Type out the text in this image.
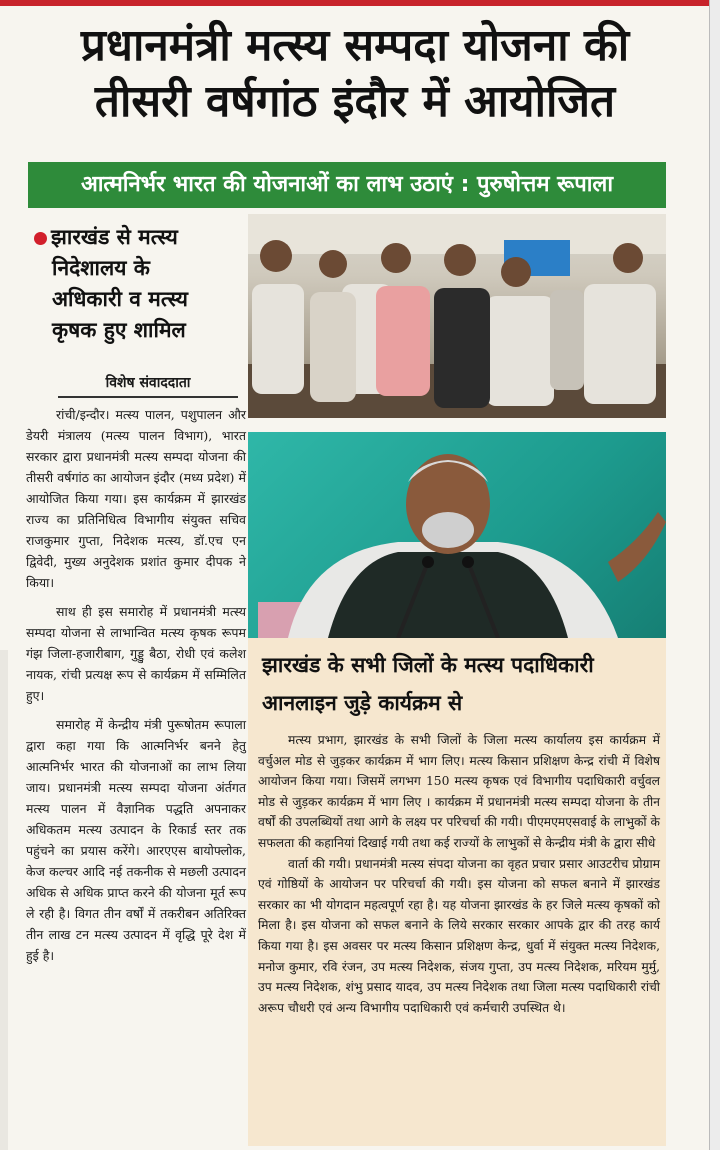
प्रधानमंत्री मत्स्य सम्पदा योजना की
तीसरी वर्षगांठ इंदौर में आयोजित
आत्मनिर्भर भारत की योजनाओं का लाभ उठाएं : पुरुषोत्तम रूपाला
झारखंड से मत्स्य
निदेशालय के
अधिकारी व मत्स्य
कृषक हुए शामिल
विशेष संवाददाता

रांची/इन्दौर। मत्स्य पालन, पशुपालन और डेयरी मंत्रालय (मत्स्य पालन विभाग), भारत सरकार द्वारा प्रधानमंत्री मत्स्य सम्पदा योजना की तीसरी वर्षगांठ का आयोजन इंदौर (मध्य प्रदेश) में आयोजित किया गया। इस कार्यक्रम में झारखंड राज्य का प्रतिनिधित्व विभागीय संयुक्त सचिव राजकुमार गुप्ता, निदेशक मत्स्य, डॉ.एच एन द्विवेदी, मुख्य अनुदेशक प्रशांत कुमार दीपक ने किया।

साथ ही इस समारोह में प्रधानमंत्री मत्स्य सम्पदा योजना से लाभान्वित मत्स्य कृषक रूपम गंझ जिला-हजारीबाग, गुड्डु बैठा, रोधी एवं कलेश नायक, रांची प्रत्यक्ष रूप से कार्यक्रम में सम्मिलित हुए।

समारोह में केन्द्रीय मंत्री पुरूषोतम रूपाला द्वारा कहा गया कि आत्मनिर्भर बनने हेतु आत्मनिर्भर भारत की योजनाओं का लाभ लिया जाय। प्रधानमंत्री मत्स्य सम्पदा योजना अंर्तगत मत्स्य पालन में वैज्ञानिक पद्धति अपनाकर अधिकतम मत्स्य उत्पादन के रिकार्ड स्तर तक पहुंचने का प्रयास करेंगे। आरएएस बायोफ्लोक, केज कल्चर आदि नई तकनीक से मछली उत्पादन अधिक से अधिक प्राप्त करने की योजना मूर्त रूप ले रही है। विगत तीन वर्षों में तकरीबन अतिरिक्त तीन लाख टन मत्स्य उत्पादन में वृद्धि पूरे देश में हुई है।

झारखंड के सभी जिलों के मत्स्य पदाधिकारी
आनलाइन जुड़े कार्यक्रम से

मत्स्य प्रभाग, झारखंड के सभी जिलों के जिला मत्स्य कार्यालय इस कार्यक्रम में वर्चुअल मोड से जुड़कर कार्यक्रम में भाग लिए। मत्स्य किसान प्रशिक्षण केन्द्र रांची में विशेष आयोजन किया गया। जिसमें लगभग 150 मत्स्य कृषक एवं विभागीय पदाधिकारी वर्चुवल मोड से जुड़कर कार्यक्रम में भाग लिए । कार्यक्रम में प्रधानमंत्री मत्स्य सम्पदा योजना के तीन वर्षों की उपलब्धियों तथा आगे के लक्ष्य पर परिचर्चा की गयी। पीएमएमएसवाई के लाभुकों के सफलता की कहानियां दिखाई गयी तथा कई राज्यों के लाभुकों से केन्द्रीय मंत्री के द्वारा सीधे

वार्ता की गयी। प्रधानमंत्री मत्स्य संपदा योजना का वृहत प्रचार प्रसार आउटरीच प्रोग्राम एवं गोष्ठियों के आयोजन पर परिचर्चा की गयी। इस योजना को सफल बनाने में झारखंड सरकार का भी योगदान महत्वपूर्ण रहा है। यह योजना झारखंड के हर जिले मत्स्य कृषकों को मिला है। इस योजना को सफल बनाने के लिये सरकार सरकार आपके द्वार की तरह कार्य किया गया है। इस अवसर पर मत्स्य किसान प्रशिक्षण केन्द्र, धुर्वा में संयुक्त मत्स्य निदेशक, मनोज कुमार, रवि रंजन, उप मत्स्य निदेशक, संजय गुप्ता, उप मत्स्य निदेशक, मरियम मुर्मु, उप मत्स्य निदेशक, शंभु प्रसाद यादव, उप मत्स्य निदेशक तथा जिला मत्स्य पदाधिकारी रांची अरूप चौधरी एवं अन्य विभागीय पदाधिकारी एवं कर्मचारी उपस्थित थे।
